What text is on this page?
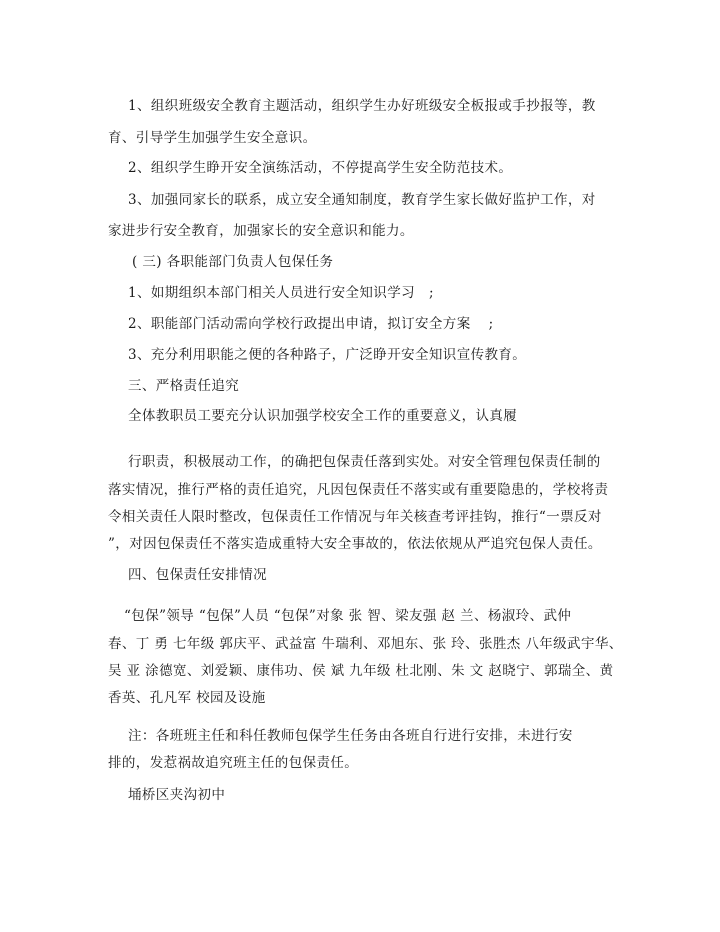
1、组织班级安全教育主题活动，组织学生办好班级安全板报或手抄报等，教
育、引导学生加强学生安全意识。
2、组织学生睁开安全演练活动，不停提高学生安全防范技术。
3、加强同家长的联系，成立安全通知制度，教育学生家长做好监护工作，对
家进步行安全教育，加强家长的安全意识和能力。
( 三) 各职能部门负责人包保任务
1、如期组织本部门相关人员进行安全知识学习 ;
2、职能部门活动需向学校行政提出申请，拟订安全方案 ;
3、充分利用职能之便的各种路子，广泛睁开安全知识宣传教育。
三、严格责任追究
全体教职员工要充分认识加强学校安全工作的重要意义，认真履
行职责，积极展动工作，的确把包保责任落到实处。对安全管理包保责任制的
落实情况，推行严格的责任追究，凡因包保责任不落实或有重要隐患的，学校将责
令相关责任人限时整改，包保责任工作情况与年关核查考评挂钩，推行“一票反对
”，对因包保责任不落实造成重特大安全事故的，依法依规从严追究包保人责任。
四、包保责任安排情况
“包保”领导 “包保”人员 “包保”对象 张 智、梁友强 赵 兰、杨淑玲、武仲
春、丁 勇 七年级 郭庆平、武益富 牛瑞利、邓旭东、张 玲、张胜杰 八年级武宇华、
吴 亚 涂德宽、刘爱颖、康伟功、侯 斌 九年级 杜北刚、朱 文 赵晓宁、郭瑞全、黄
香英、孔凡军 校园及设施
注：各班班主任和科任教师包保学生任务由各班自行进行安排，未进行安
排的，发惹祸故追究班主任的包保责任。
埇桥区夹沟初中
